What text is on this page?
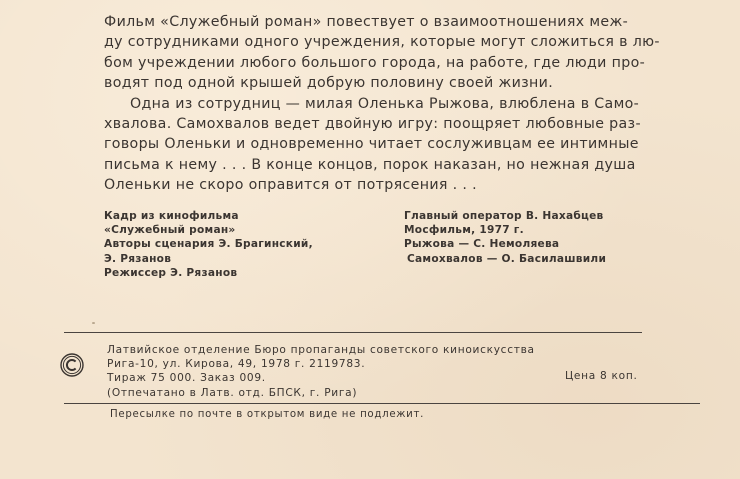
Фильм «Служебный роман» повествует о взаимоотношениях меж-
ду сотрудниками одного учреждения, которые могут сложиться в лю-
бом учреждении любого большого города, на работе, где люди про-
водят под одной крышей добрую половину своей жизни.
Одна из сотрудниц — милая Оленька Рыжова, влюблена в Само-
хвалова. Самохвалов ведет двойную игру: поощряет любовные раз-
говоры Оленьки и одновременно читает сослуживцам ее интимные
письма к нему . . . В конце концов, порок наказан, но нежная душа
Оленьки не скоро оправится от потрясения . . .
Кадр из кинофильма
«Служебный роман»
Авторы сценария Э. Брагинский,
Э. Рязанов
Режиссер Э. Рязанов
Главный оператор В. Нахабцев
Мосфильм, 1977 г.
Рыжова — С. Немоляева
Самохвалов — О. Басилашвили
Латвийское отделение Бюро пропаганды советского киноискусства
Рига-10, ул. Кирова, 49, 1978 г. 2119783.
Тираж 75 000. Заказ 009.
(Отпечатано в Латв. отд. БПСК, г. Рига)
Цена 8 коп.
Пересылке по почте в открытом виде не подлежит.
